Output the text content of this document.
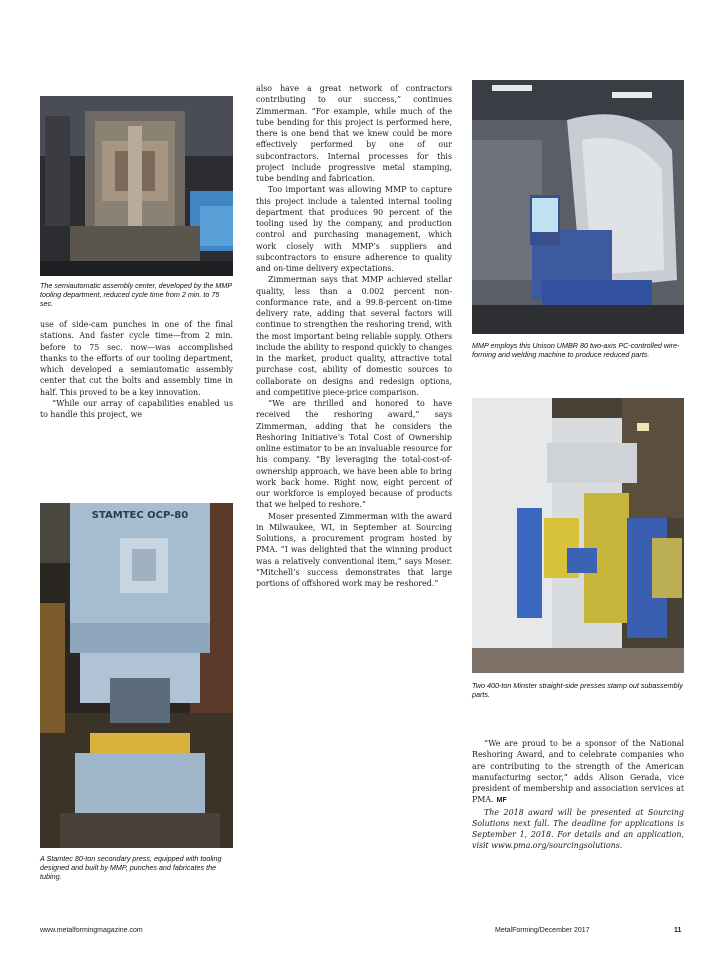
The semiautomatic assembly center, developed by the MMP tooling department, reduced cycle time from 2 min. to 75 sec.

use of side-cam punches in one of the final stations. And faster cycle time—from 2 min. before to 75 sec. now—was accomplished thanks to the efforts of our tooling department, which developed a semiautomatic assembly center that cut the bolts and assembly time in half. This proved to be a key innovation.

“While our array of capabilities enabled us to handle this project, we

STAMTEC OCP-80
A Stamtec 80-ton secondary press, equipped with tooling designed and built by MMP, punches and fabricates the tubing.

also have a great network of contractors contributing to our success,” continues Zimmerman. “For example, while much of the tube bending for this project is performed here, there is one bend that we knew could be more effectively performed by one of our subcontractors. Internal processes for this project include progressive metal stamping, tube bending and fabrication.

Too important was allowing MMP to capture this project include a talented internal tooling department that produces 90 percent of the tooling used by the company, and production control and purchasing management, which work closely with MMP’s suppliers and subcontractors to ensure adherence to quality and on-time delivery expectations.

Zimmerman says that MMP achieved stellar quality, less than a 0.002 percent non-conformance rate, and a 99.8-percent on-time delivery rate, adding that several factors will continue to strengthen the reshoring trend, with the most important being reliable supply. Others include the ability to respond quickly to changes in the market, product quality, attractive total purchase cost, ability of domestic sources to collaborate on designs and redesign options, and competitive piece-price comparison.

“We are thrilled and honored to have received the reshoring award,” says Zimmerman, adding that he considers the Reshoring Initiative’s Total Cost of Ownership online estimator to be an invaluable resource for his company. “By leveraging the total-cost-of-ownership approach, we have been able to bring work back home. Right now, eight percent of our workforce is employed because of products that we helped to reshore.”

Moser presented Zimmerman with the award in Milwaukee, WI, in September at Sourcing Solutions, a procurement program hosted by PMA. “I was delighted that the winning product was a relatively conventional item,” says Moser. “Mitchell’s success demonstrates that large portions of offshored work may be reshored.”

MMP employs this Unison UMBR 80 two-axis PC-controlled wire-forming and welding machine to produce reduced parts.
Two 400-ton Minster straight-side presses stamp out subassembly parts.

“We are proud to be a sponsor of the National Reshoring Award, and to celebrate companies who are contributing to the strength of the American manufacturing sector,” adds Alison Gerada, vice president of membership and association services at PMA. MF

The 2018 award will be presented at Sourcing Solutions next fall. The deadline for applications is September 1, 2018. For details and an application, visit www.pma.org/sourcingsolutions.

www.metalformingmagazine.com	MetalForming/December 2017	11
